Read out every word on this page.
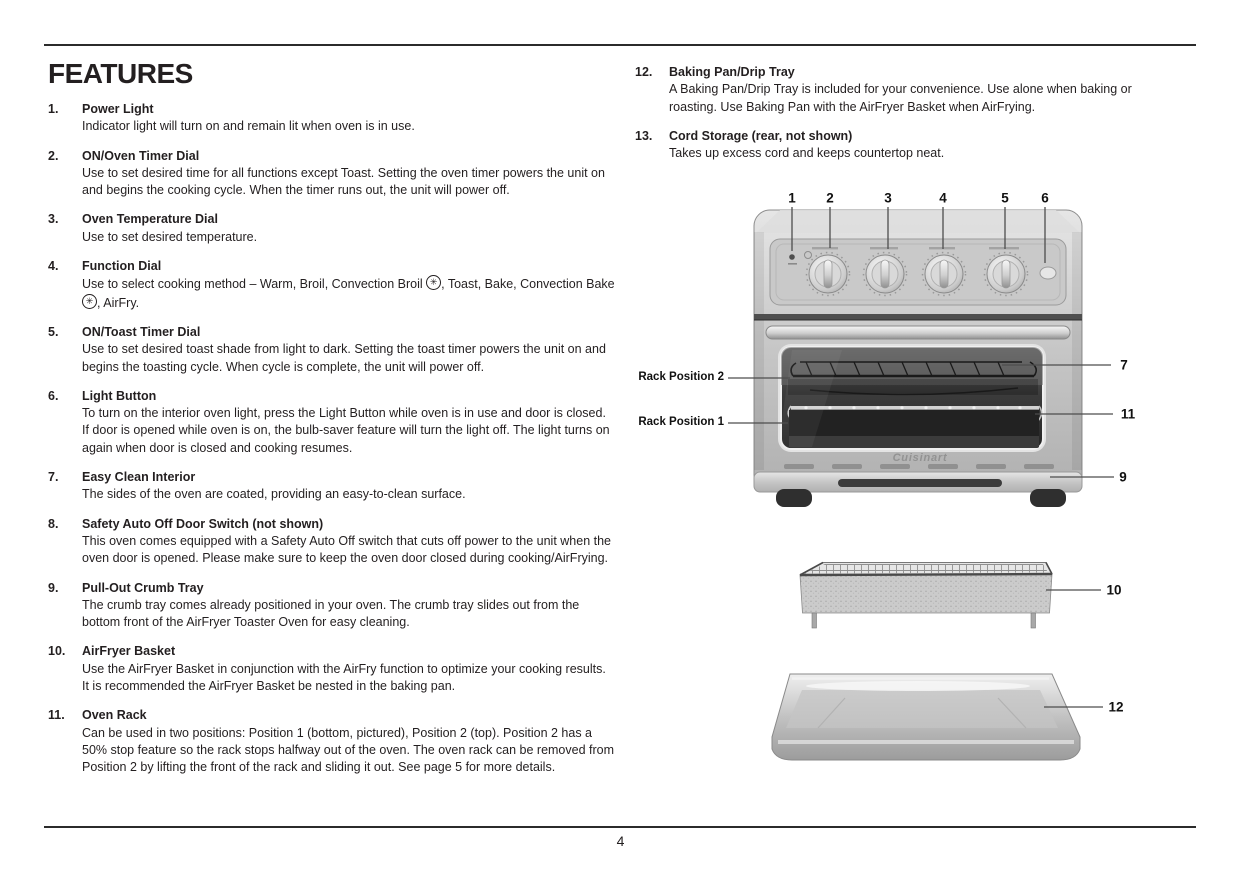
4
FEATURES
1.	Power Light
Indicator light will turn on and remain lit when oven is in use.
2.	ON/Oven Timer Dial
Use to set desired time for all functions except Toast. Setting the oven timer powers the unit on and begins the cooking cycle. When the timer runs out, the unit will power off.
3.	Oven Temperature Dial
Use to set desired temperature.
4.	Function Dial
Use to select cooking method – Warm, Broil, Convection Broil ✳ , Toast, Bake, Convection Bake ✳ , AirFry.
5.	ON/Toast Timer Dial
Use to set desired toast shade from light to dark. Setting the toast timer powers the unit on and begins the toasting cycle. When cycle is complete, the unit will power off.
6.	Light Button
To turn on the interior oven light, press the Light Button while oven is in use and door is closed. If door is opened while oven is on, the bulb-saver feature will turn the light off. The light turns on again when door is closed and cooking resumes.
7.	Easy Clean Interior
The sides of the oven are coated, providing an easy-to-clean surface.
8.	Safety Auto Off Door Switch (not shown)
This oven comes equipped with a Safety Auto Off switch that cuts off power to the unit when the oven door is opened. Please make sure to keep the oven door closed during cooking/AirFrying.
9.	Pull-Out Crumb Tray
The crumb tray comes already positioned in your oven. The crumb tray slides out from the bottom front of the AirFryer Toaster Oven for easy cleaning.
10.	AirFryer Basket
Use the AirFryer Basket in conjunction with the AirFry function to optimize your cooking results. It is recommended the AirFryer Basket be nested in the baking pan.
11.	Oven Rack
Can be used in two positions: Position 1 (bottom, pictured), Position 2 (top). Position 2 has a 50% stop feature so the rack stops halfway out of the oven. The oven rack can be removed from Position 2 by lifting the front of the rack and sliding it out. See page 5 for more details.
12.	Baking Pan/Drip Tray
A Baking Pan/Drip Tray is included for your convenience. Use alone when baking or roasting. Use Baking Pan with the AirFryer Basket when AirFrying.
13.	Cord Storage (rear, not shown)
Takes up excess cord and keeps countertop neat.
Cuisinart
1 2	3	4	5 6
7
11
9
10
12
Rack Position 2
Rack Position 1
